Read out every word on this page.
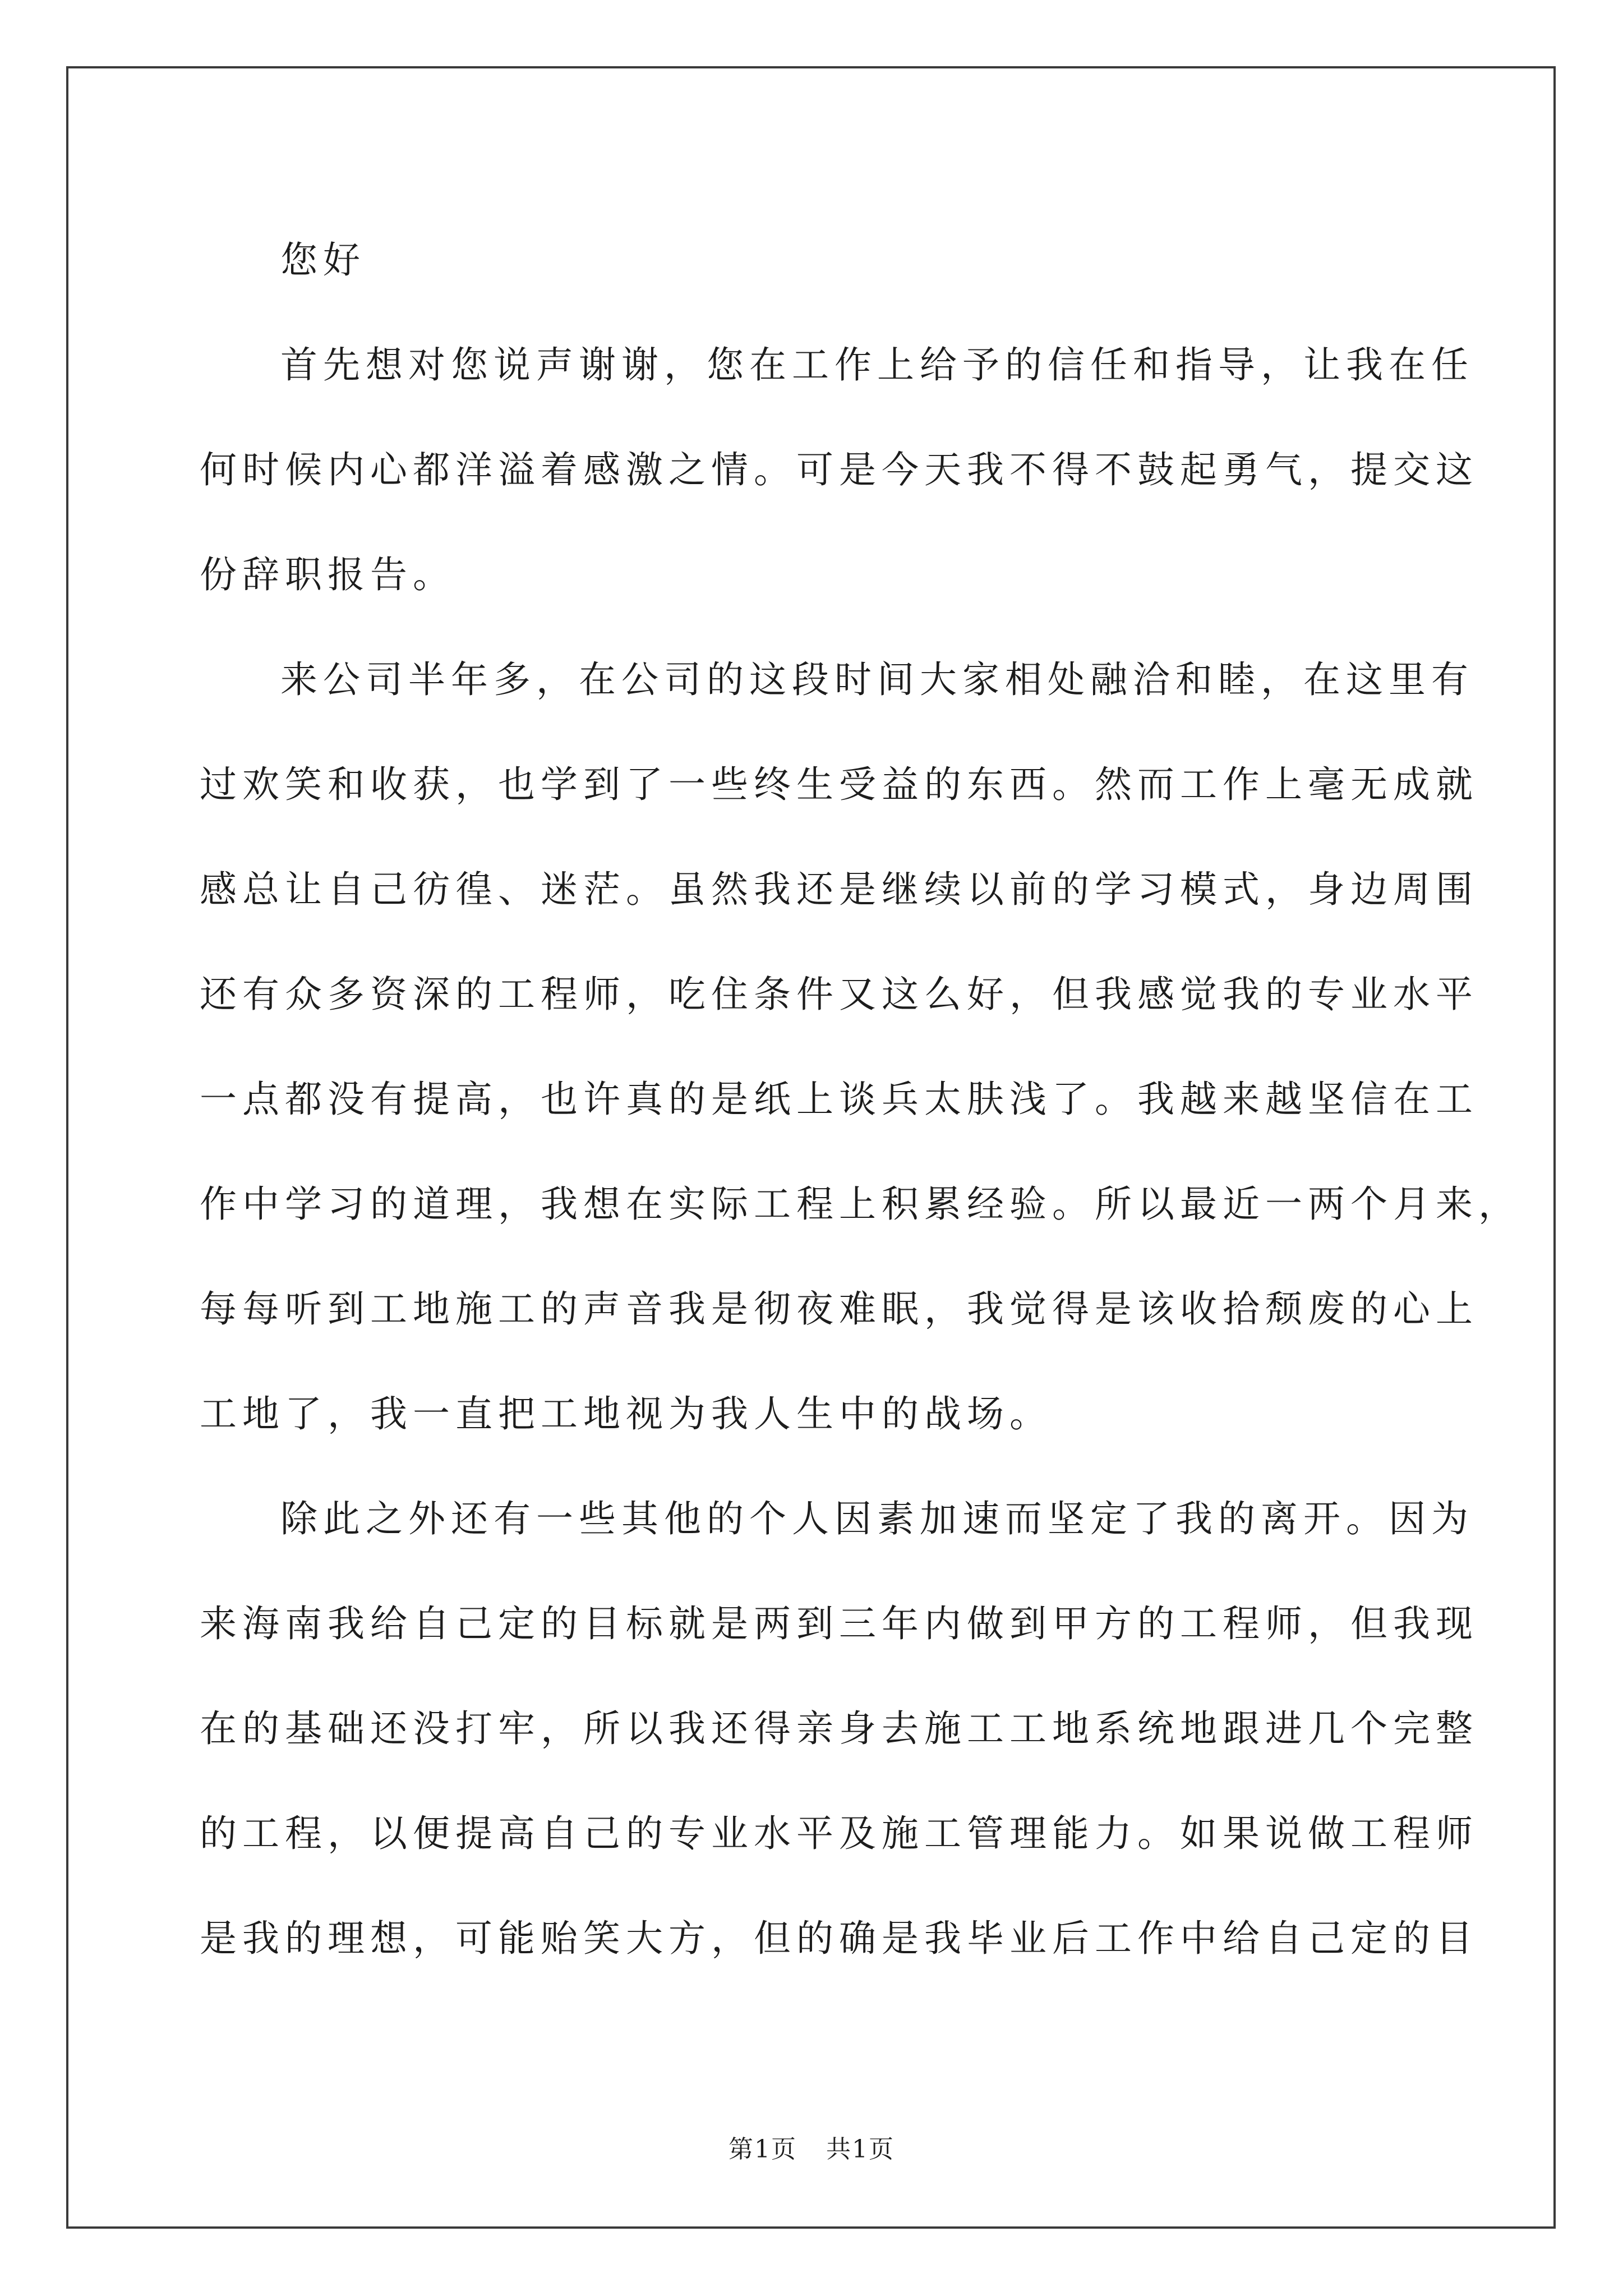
您好
首先想对您说声谢谢，您在工作上给予的信任和指导，让我在任
何时候内心都洋溢着感激之情。可是今天我不得不鼓起勇气，提交这
份辞职报告。
来公司半年多，在公司的这段时间大家相处融洽和睦，在这里有
过欢笑和收获，也学到了一些终生受益的东西。然而工作上毫无成就
感总让自己彷徨、迷茫。虽然我还是继续以前的学习模式，身边周围
还有众多资深的工程师，吃住条件又这么好，但我感觉我的专业水平
一点都没有提高，也许真的是纸上谈兵太肤浅了。我越来越坚信在工
作中学习的道理，我想在实际工程上积累经验。所以最近一两个月来，
每每听到工地施工的声音我是彻夜难眠，我觉得是该收拾颓废的心上
工地了，我一直把工地视为我人生中的战场。
除此之外还有一些其他的个人因素加速而坚定了我的离开。因为
来海南我给自己定的目标就是两到三年内做到甲方的工程师，但我现
在的基础还没打牢，所以我还得亲身去施工工地系统地跟进几个完整
的工程，以便提高自己的专业水平及施工管理能力。如果说做工程师
是我的理想，可能贻笑大方，但的确是我毕业后工作中给自己定的目
第1页 共1页
